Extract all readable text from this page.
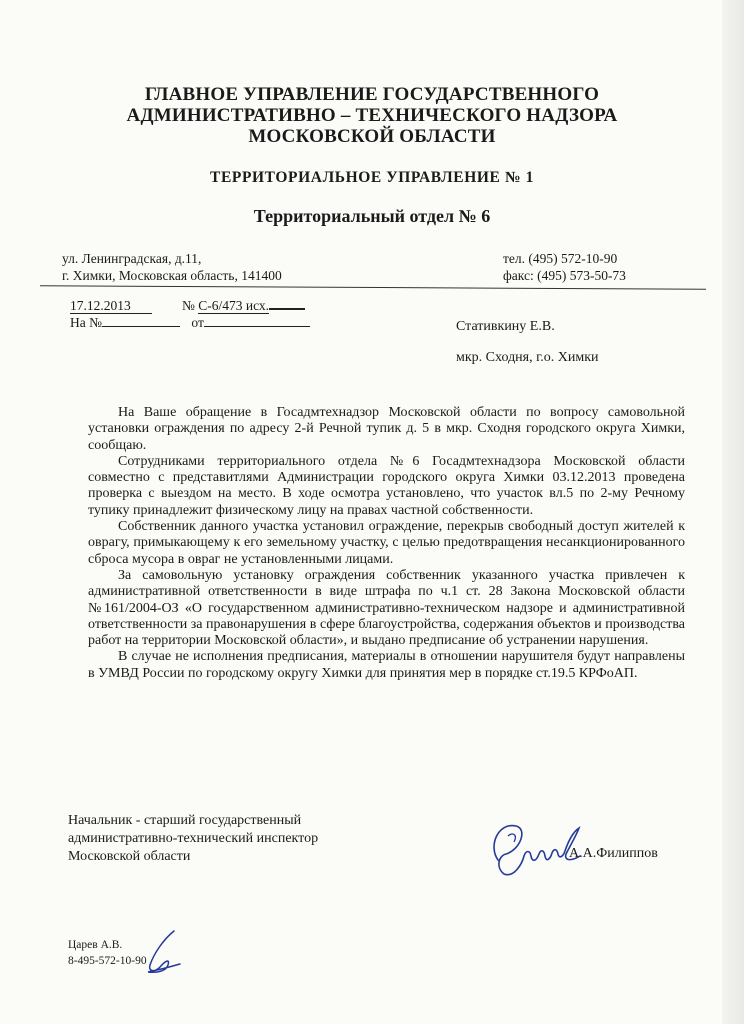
ГЛАВНОЕ УПРАВЛЕНИЕ ГОСУДАРСТВЕННОГО
АДМИНИСТРАТИВНО – ТЕХНИЧЕСКОГО НАДЗОРА
МОСКОВСКОЙ ОБЛАСТИ
ТЕРРИТОРИАЛЬНОЕ УПРАВЛЕНИЕ № 1
Территориальный отдел № 6
ул. Ленинградская, д.11,
г. Химки, Московская область, 141400
тел. (495) 572-10-90
факс: (495) 573-50-73
17.12.2013	№ С-6/473 исх.
На №	от	Стативкину Е.В.
мкр. Сходня, г.о. Химки

На Ваше обращение в Госадмтехнадзор Московской области по вопросу самовольной установки ограждения по адресу 2-й Речной тупик д. 5 в мкр. Сходня городского округа Химки, сообщаю.

Сотрудниками территориального отдела №6 Госадмтехнадзора Московской области совместно с представитлями Администрации городского округа Химки 03.12.2013 проведена проверка с выездом на место. В ходе осмотра установлено, что участок вл.5 по 2-му Речному тупику принадлежит физическому лицу на правах частной собственности.

Собственник данного участка установил ограждение, перекрыв свободный доступ жителей к оврагу, примыкающему к его земельному участку, с целью предотвращения несанкционированного сброса мусора в овраг не установленными лицами.

За самовольную установку ограждения собственник указанного участка привлечен к административной ответственности в виде штрафа по ч.1 ст. 28 Закона Московской области №161/2004-ОЗ «О государственном административно-техническом надзоре и административной ответственности за правонарушения в сфере благоустройства, содержания объектов и производства работ на территории Московской области», и выдано предписание об устранении нарушения.

В случае не исполнения предписания, материалы в отношении нарушителя будут направлены в УМВД России по городскому округу Химки для принятия мер в порядке ст.19.5 КРФоАП.

Начальник - старший государственный
административно-технический инспектор
Московской области	А.А.Филиппов
Царев А.В.
8-495-572-10-90
